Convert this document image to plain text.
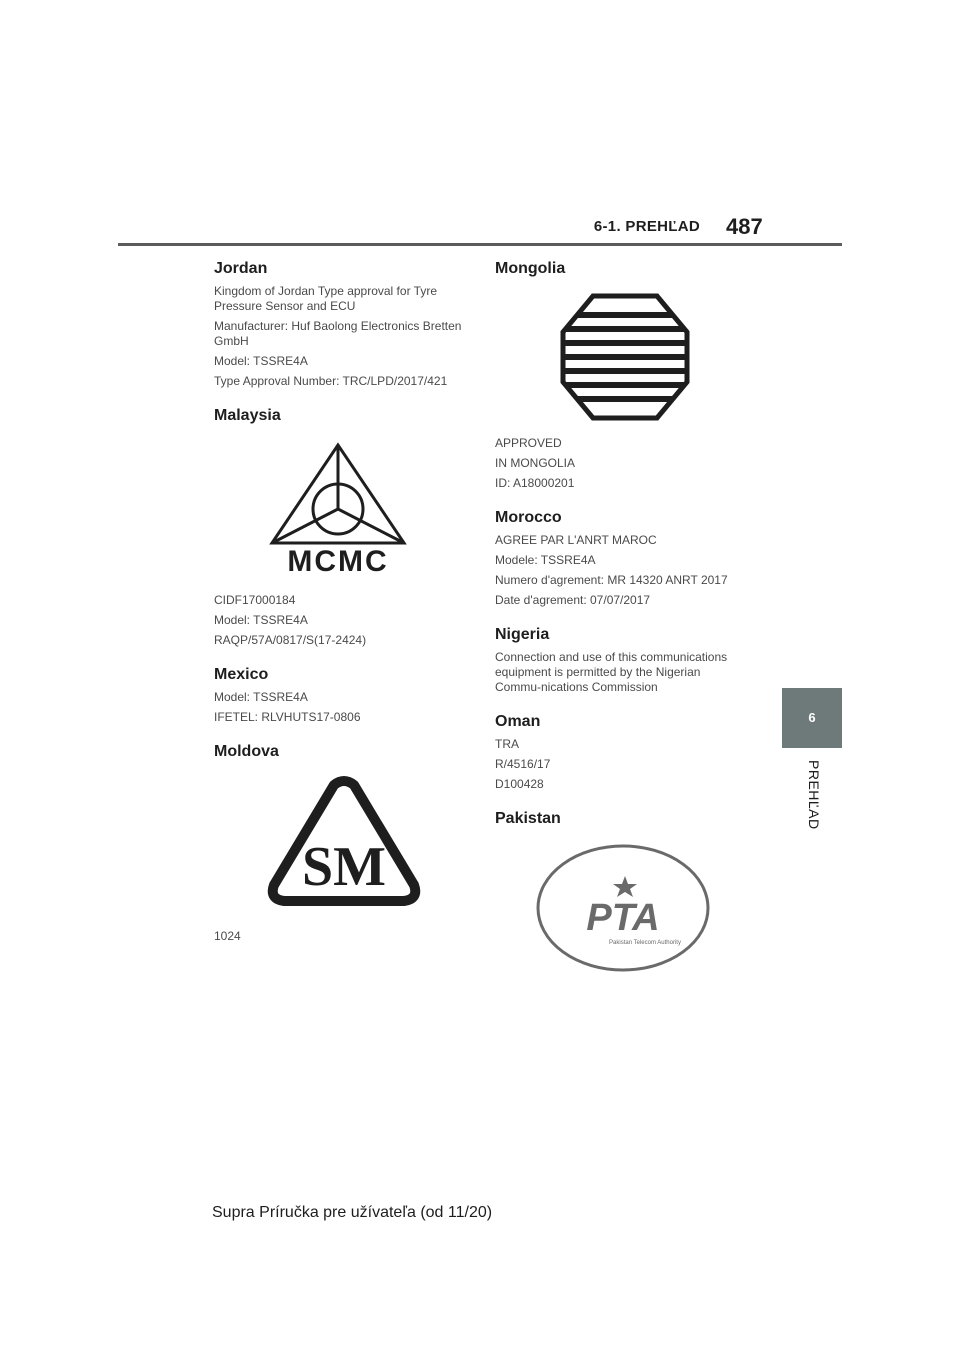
6-1. PREHĽAD 487
6
PREHĽAD
Jordan

Kingdom of Jordan Type approval for Tyre Pressure Sensor and ECU

Manufacturer: Huf Baolong Electronics Bretten GmbH

Model: TSSRE4A

Type Approval Number: TRC/LPD/2017/421

Malaysia
MCMC

CIDF17000184

Model: TSSRE4A

RAQP/57A/0817/S(17-2424)

Mexico

Model: TSSRE4A

IFETEL: RLVHUTS17-0806

Moldova
SM

1024

Mongolia

APPROVED

IN MONGOLIA

ID: A18000201

Morocco

AGREE PAR L'ANRT MAROC

Modele: TSSRE4A

Numero d'agrement: MR 14320 ANRT 2017

Date d'agrement: 07/07/2017

Nigeria

Connection and use of this communications equipment is permitted by the Nigerian Commu-nications Commission

Oman

TRA

R/4516/17

D100428

Pakistan
PTA
Pakistan Telecom Authority
Supra Príručka pre užívateľa (od 11/20)
